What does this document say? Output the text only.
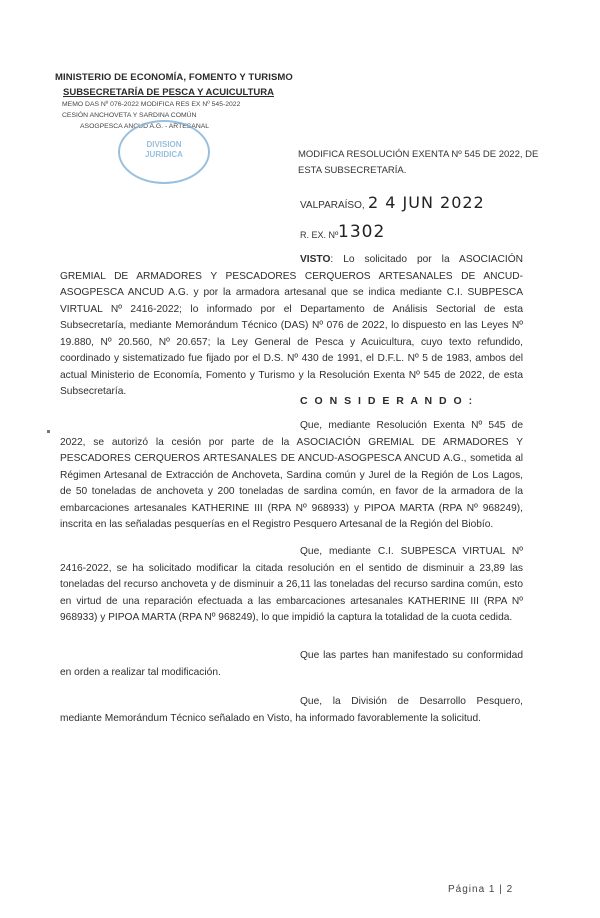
MINISTERIO DE ECONOMÍA, FOMENTO Y TURISMO
SUBSECRETARÍA DE PESCA Y ACUICULTURA
MEMO DAS Nº 076-2022 MODIFICA RES EX Nº 545-2022
CESIÓN ANCHOVETA Y SARDINA COMÚN
ASOGPESCA ANCUD A.G. - ARTESANAL
DIVISION
JURIDICA	MODIFICA RESOLUCIÓN EXENTA Nº 545 DE 2022, DE ESTA SUBSECRETARÍA.
VALPARAÍSO, 2 4 JUN 2022
R. EX. Nº 1302
VISTO: Lo solicitado por la ASOCIACIÓN GREMIAL DE ARMADORES Y PESCADORES CERQUEROS ARTESANALES DE ANCUD-ASOGPESCA ANCUD A.G. y por la armadora artesanal que se indica mediante C.I. SUBPESCA VIRTUAL Nº 2416-2022; lo informado por el Departamento de Análisis Sectorial de esta Subsecretaría, mediante Memorándum Técnico (DAS) Nº 076 de 2022, lo dispuesto en las Leyes Nº 19.880, Nº 20.560, Nº 20.657; la Ley General de Pesca y Acuicultura, cuyo texto refundido, coordinado y sistematizado fue fijado por el D.S. Nº 430 de 1991, el D.F.L. Nº 5 de 1983, ambos del actual Ministerio de Economía, Fomento y Turismo y la Resolución Exenta Nº 545 de 2022, de esta Subsecretaría.
C O N S I D E R A N D O :
Que, mediante Resolución Exenta Nº 545 de 2022, se autorizó la cesión por parte de la ASOCIACIÓN GREMIAL DE ARMADORES Y PESCADORES CERQUEROS ARTESANALES DE ANCUD-ASOGPESCA ANCUD A.G., sometida al Régimen Artesanal de Extracción de Anchoveta, Sardina común y Jurel de la Región de Los Lagos, de 50 toneladas de anchoveta y 200 toneladas de sardina común, en favor de la armadora de la embarcaciones artesanales KATHERINE III (RPA Nº 968933) y PIPOA MARTA (RPA Nº 968249), inscrita en las señaladas pesquerías en el Registro Pesquero Artesanal de la Región del Biobío.
Que, mediante C.I. SUBPESCA VIRTUAL Nº 2416-2022, se ha solicitado modificar la citada resolución en el sentido de disminuir a 23,89 las toneladas del recurso anchoveta y de disminuir a 26,11 las toneladas del recurso sardina común, esto en virtud de una reparación efectuada a las embarcaciones artesanales KATHERINE III (RPA Nº 968933) y PIPOA MARTA (RPA Nº 968249), lo que impidió la captura la totalidad de la cuota cedida.
Que las partes han manifestado su conformidad en orden a realizar tal modificación.
Que, la División de Desarrollo Pesquero, mediante Memorándum Técnico señalado en Visto, ha informado favorablemente la solicitud.
Página 1 | 2
